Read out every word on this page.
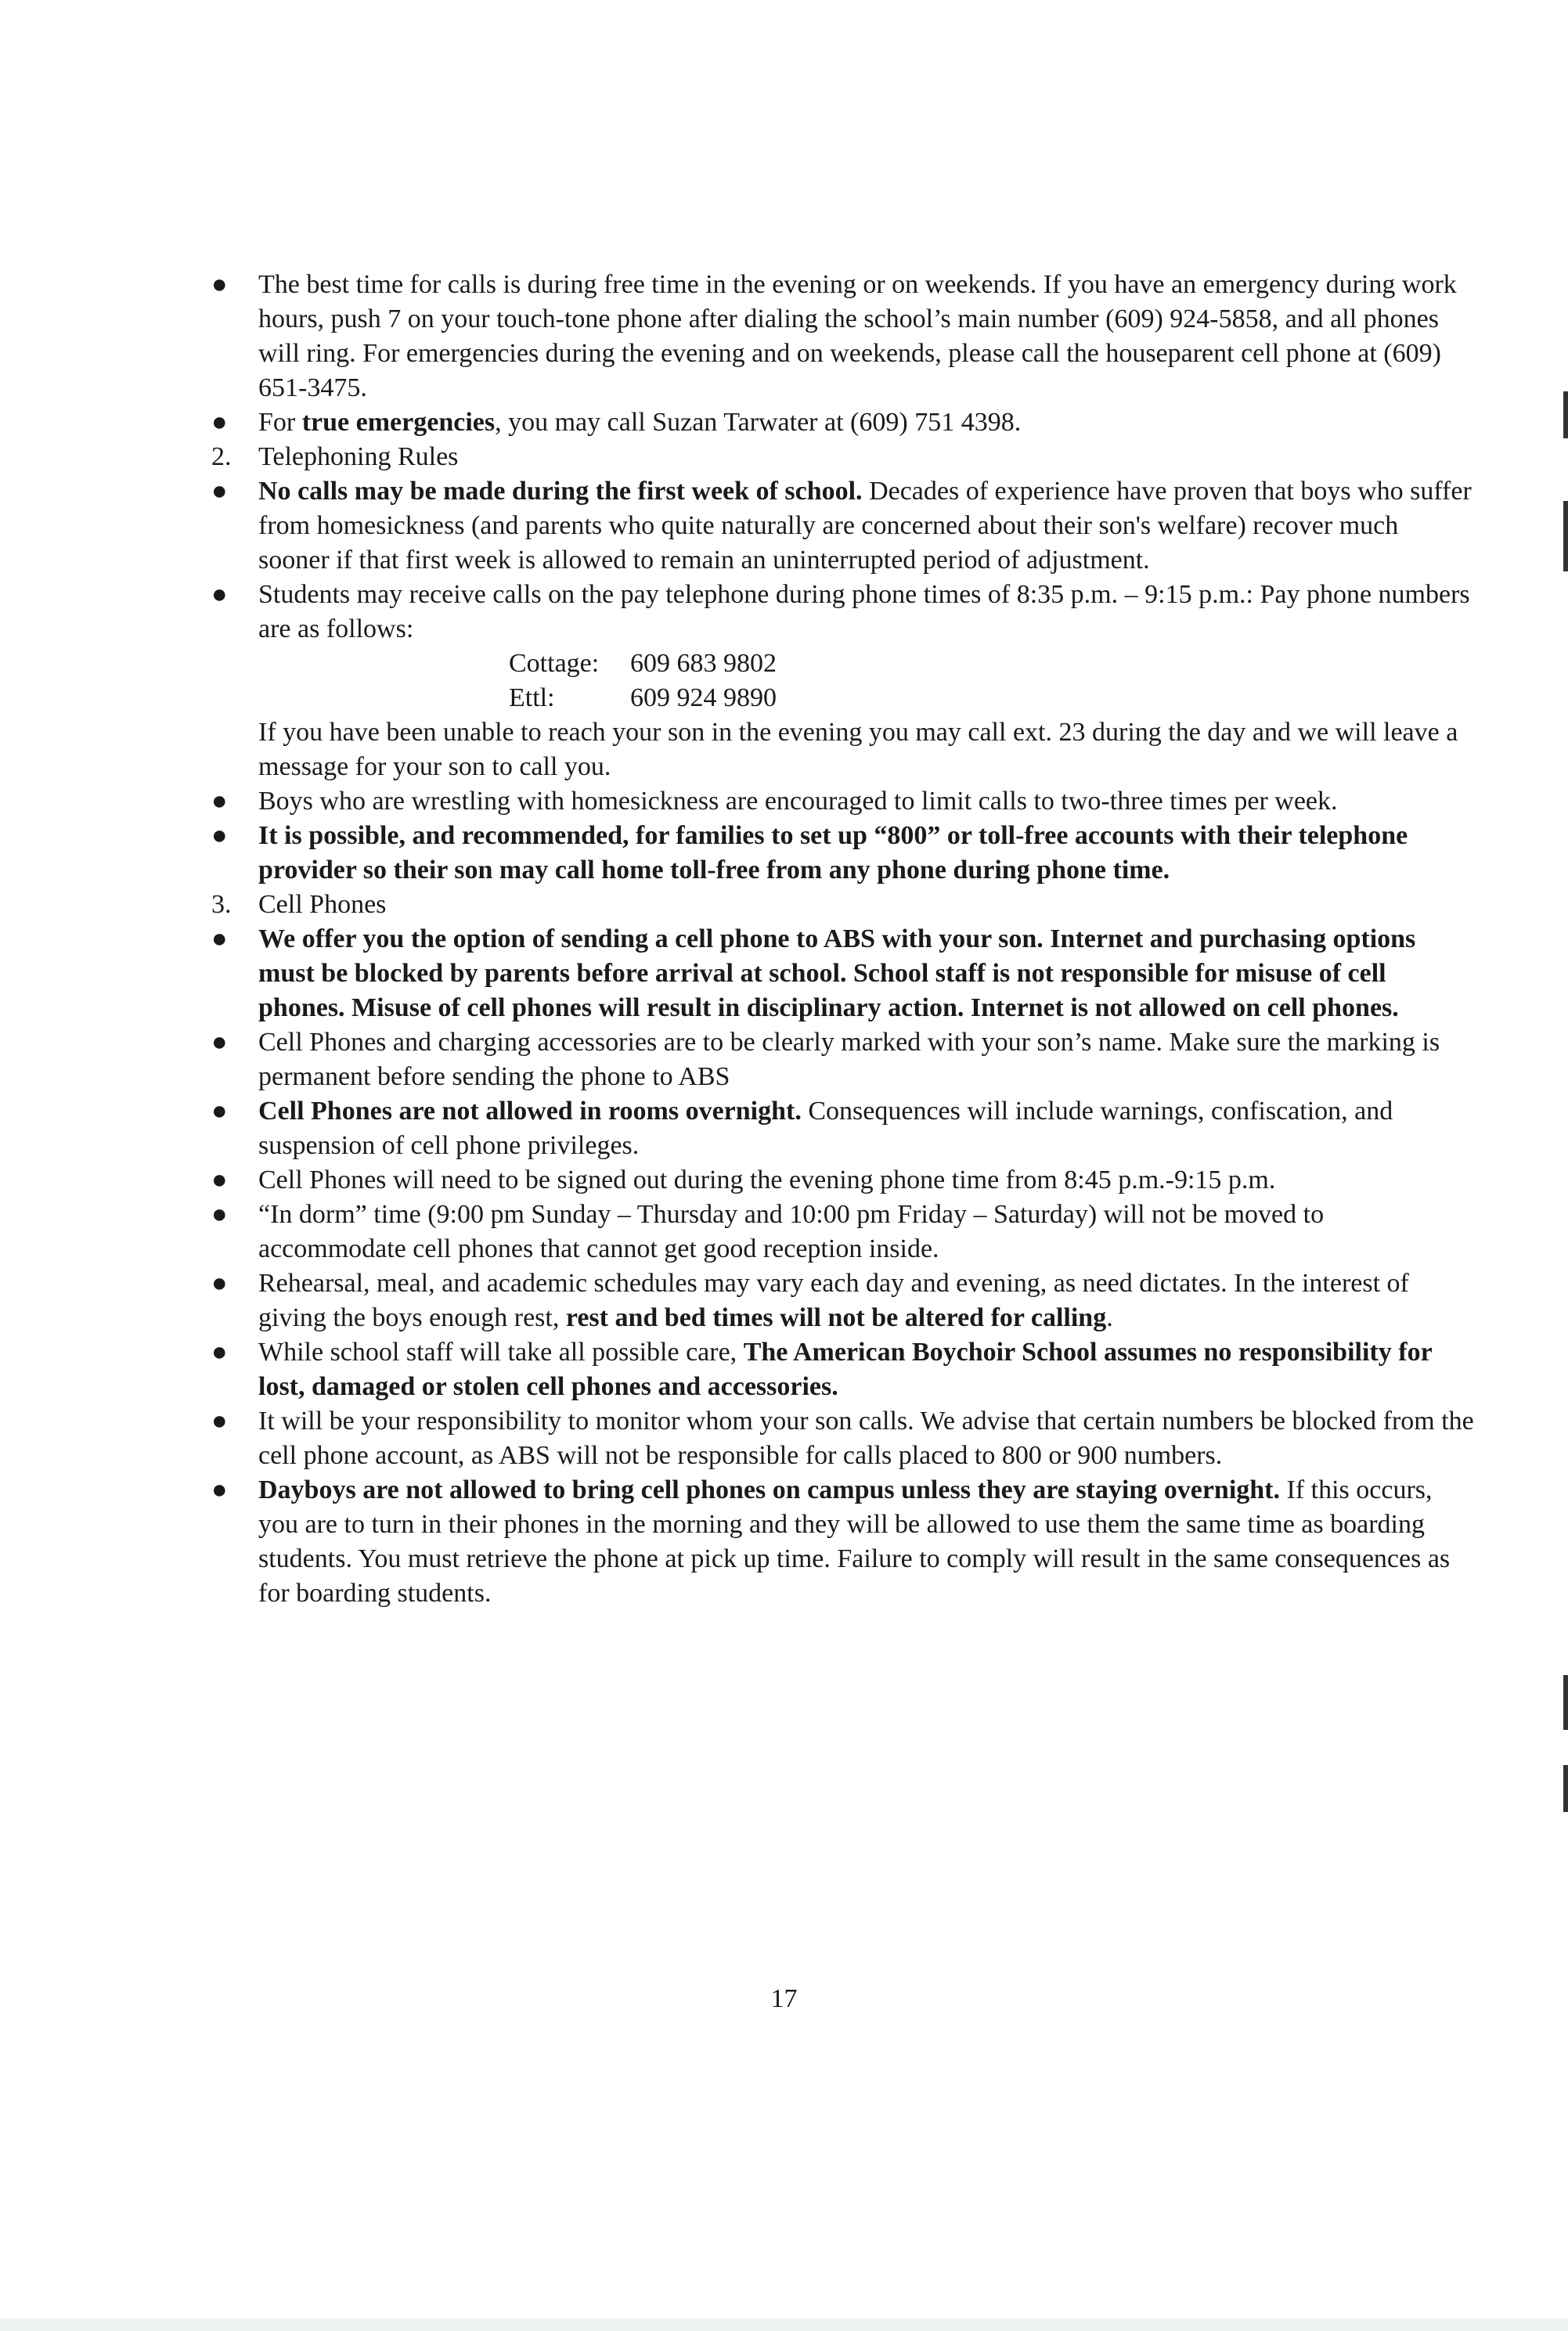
● The best time for calls is during free time in the evening or on weekends. If you have an emergency during work hours, push 7 on your touch-tone phone after dialing the school’s main number (609) 924-5858, and all phones will ring. For emergencies during the evening and on weekends, please call the houseparent cell phone at (609) 651-3475.
● For true emergencies, you may call Suzan Tarwater at (609) 751 4398.
2. Telephoning Rules
● No calls may be made during the first week of school. Decades of experience have proven that boys who suffer from homesickness (and parents who quite naturally are concerned about their son's welfare) recover much sooner if that first week is allowed to remain an uninterrupted period of adjustment.
● Students may receive calls on the pay telephone during phone times of 8:35 p.m. – 9:15 p.m.: Pay phone numbers are as follows:
Cottage:	609 683 9802
Ettl:	609 924 9890
If you have been unable to reach your son in the evening you may call ext. 23 during the day and we will leave a message for your son to call you.
● Boys who are wrestling with homesickness are encouraged to limit calls to two-three times per week.
● It is possible, and recommended, for families to set up “800” or toll-free accounts with their telephone provider so their son may call home toll-free from any phone during phone time.
3. Cell Phones
● We offer you the option of sending a cell phone to ABS with your son. Internet and purchasing options must be blocked by parents before arrival at school. School staff is not responsible for misuse of cell phones. Misuse of cell phones will result in disciplinary action. Internet is not allowed on cell phones.
● Cell Phones and charging accessories are to be clearly marked with your son’s name. Make sure the marking is permanent before sending the phone to ABS
● Cell Phones are not allowed in rooms overnight. Consequences will include warnings, confiscation, and suspension of cell phone privileges.
● Cell Phones will need to be signed out during the evening phone time from 8:45 p.m.-9:15 p.m.
● “In dorm” time (9:00 pm Sunday – Thursday and 10:00 pm Friday – Saturday) will not be moved to accommodate cell phones that cannot get good reception inside.
● Rehearsal, meal, and academic schedules may vary each day and evening, as need dictates. In the interest of giving the boys enough rest, rest and bed times will not be altered for calling.
● While school staff will take all possible care, The American Boychoir School assumes no responsibility for lost, damaged or stolen cell phones and accessories.
● It will be your responsibility to monitor whom your son calls. We advise that certain numbers be blocked from the cell phone account, as ABS will not be responsible for calls placed to 800 or 900 numbers.
● Dayboys are not allowed to bring cell phones on campus unless they are staying overnight. If this occurs, you are to turn in their phones in the morning and they will be allowed to use them the same time as boarding students. You must retrieve the phone at pick up time. Failure to comply will result in the same consequences as for boarding students.
17
